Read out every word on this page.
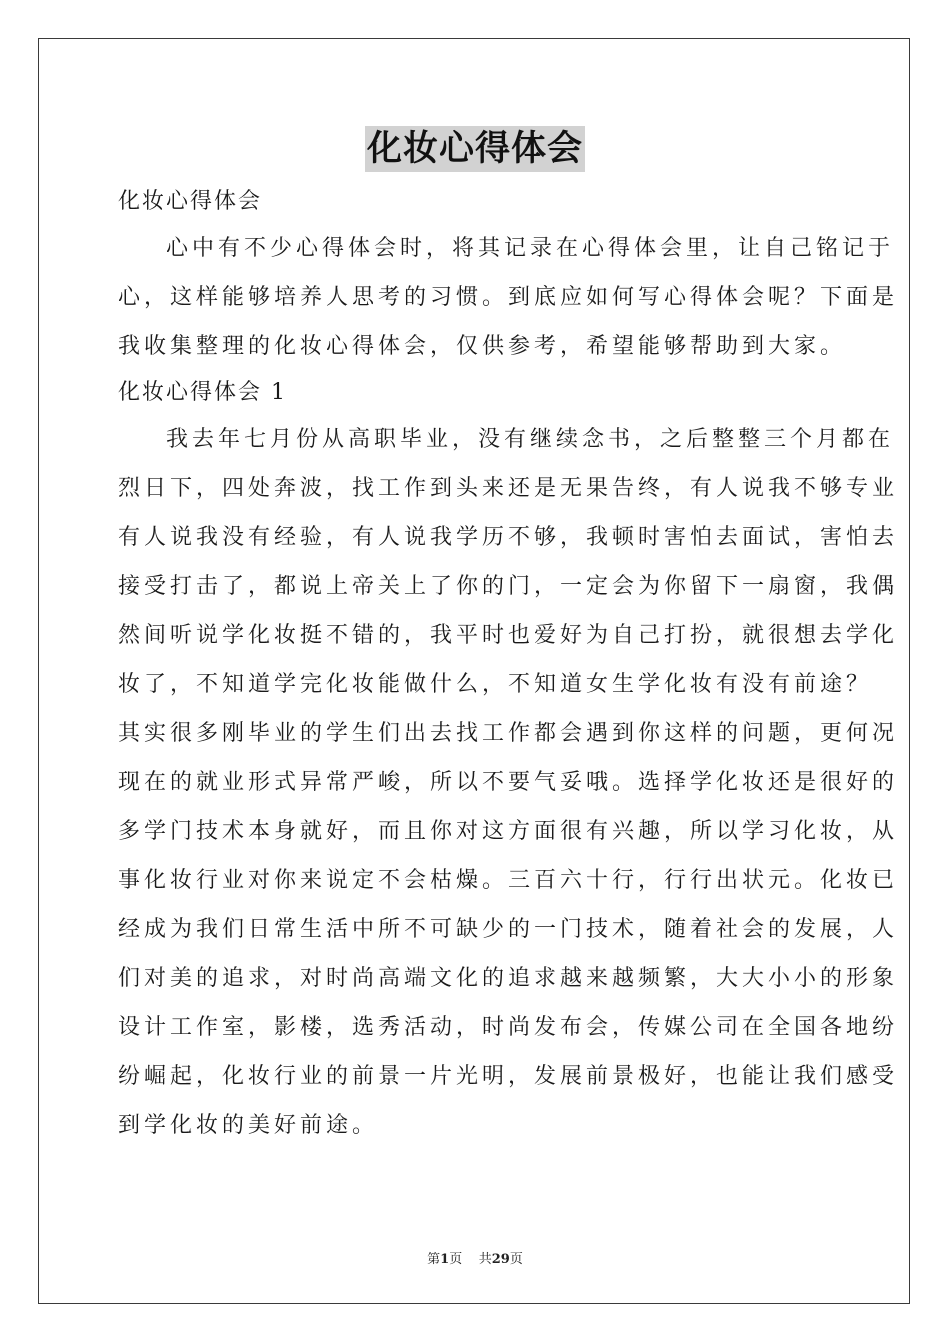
化妆心得体会
化妆心得体会
心中有不少心得体会时，将其记录在心得体会里，让自己铭记于
心，这样能够培养人思考的习惯。到底应如何写心得体会呢？下面是
我收集整理的化妆心得体会，仅供参考，希望能够帮助到大家。
化妆心得体会 1
我去年七月份从高职毕业，没有继续念书，之后整整三个月都在
烈日下，四处奔波，找工作到头来还是无果告终，有人说我不够专业
有人说我没有经验，有人说我学历不够，我顿时害怕去面试，害怕去
接受打击了，都说上帝关上了你的门，一定会为你留下一扇窗，我偶
然间听说学化妆挺不错的，我平时也爱好为自己打扮，就很想去学化
妆了，不知道学完化妆能做什么，不知道女生学化妆有没有前途？
其实很多刚毕业的学生们出去找工作都会遇到你这样的问题，更何况
现在的就业形式异常严峻，所以不要气妥哦。选择学化妆还是很好的
多学门技术本身就好，而且你对这方面很有兴趣，所以学习化妆，从
事化妆行业对你来说定不会枯燥。三百六十行，行行出状元。化妆已
经成为我们日常生活中所不可缺少的一门技术，随着社会的发展，人
们对美的追求，对时尚高端文化的追求越来越频繁，大大小小的形象
设计工作室，影楼，选秀活动，时尚发布会，传媒公司在全国各地纷
纷崛起，化妆行业的前景一片光明，发展前景极好，也能让我们感受
到学化妆的美好前途。
第1页 共29页
